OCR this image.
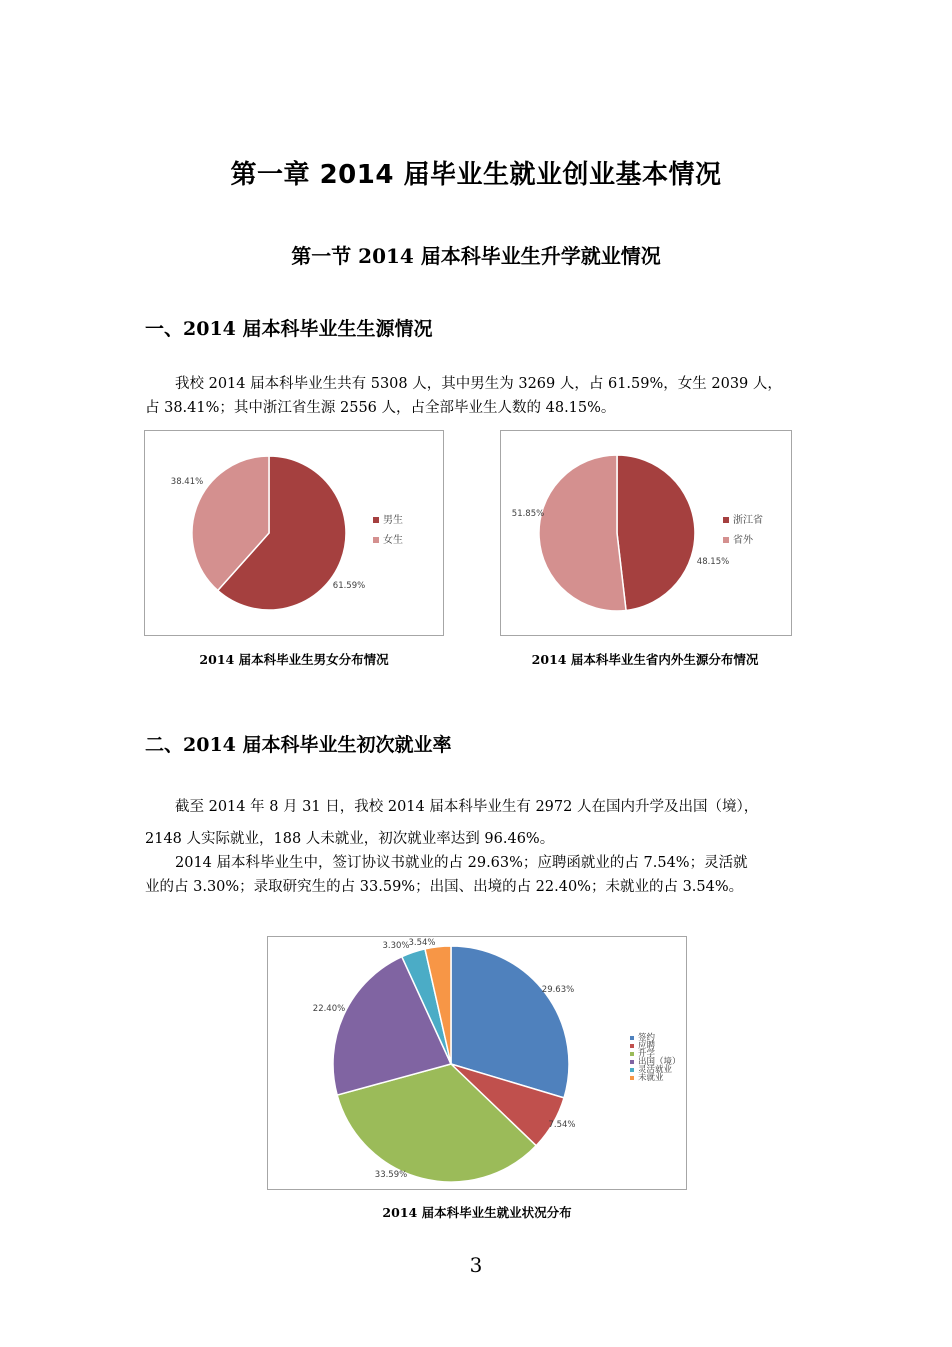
第一章 2014 届毕业生就业创业基本情况
第一节 2014 届本科毕业生升学就业情况
一、2014 届本科毕业生生源情况
我校 2014 届本科毕业生共有 5308 人，其中男生为 3269 人，占 61.59%，女生 2039 人，
占 38.41%；其中浙江省生源 2556 人，占全部毕业生人数的 48.15%。
61.59%
38.41%
男生
女生
2014 届本科毕业生男女分布情况
48.15%
51.85%
浙江省
省外
2014 届本科毕业生省内外生源分布情况
二、2014 届本科毕业生初次就业率
截至 2014 年 8 月 31 日，我校 2014 届本科毕业生有 2972 人在国内升学及出国（境），
2148 人实际就业，188 人未就业，初次就业率达到 96.46%。
2014 届本科毕业生中，签订协议书就业的占 29.63%；应聘函就业的占 7.54%；灵活就
业的占 3.30%；录取研究生的占 33.59%；出国、出境的占 22.40%；未就业的占 3.54%。
29.63%
7.54%
33.59%
22.40%
3.30%
3.54%
签约
应聘
升学
出国（境）
灵活就业
未就业
2014 届本科毕业生就业状况分布
3
